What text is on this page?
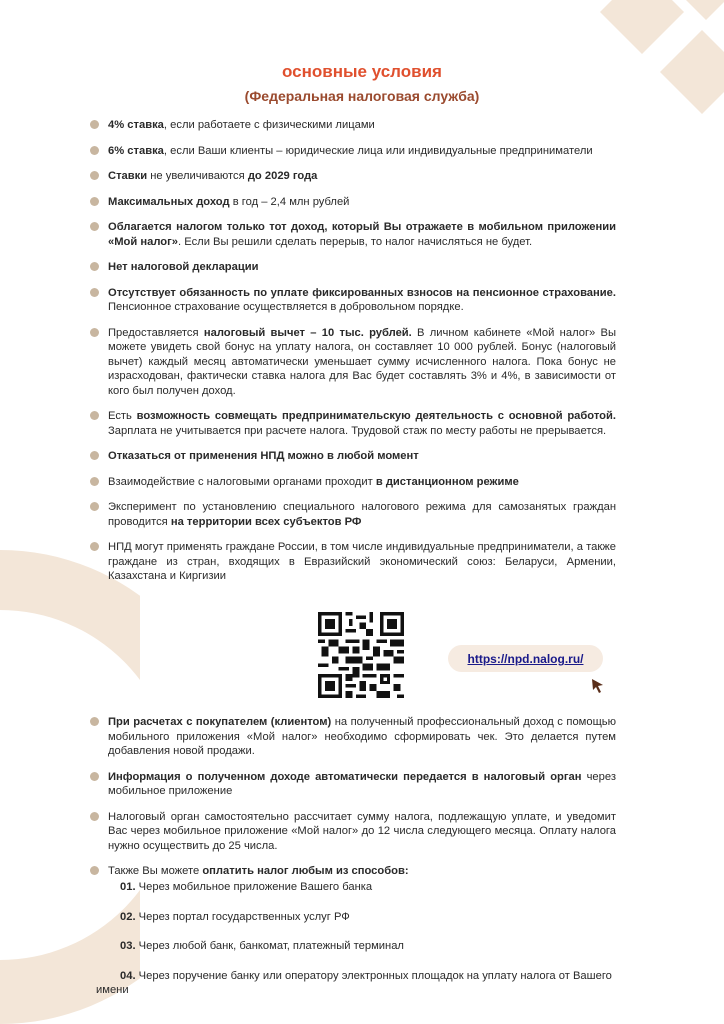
основные условия
(Федеральная налоговая служба)
4% ставка, если работаете с физическими лицами
6% ставка, если Ваши клиенты – юридические лица или индивидуальные предприниматели
Ставки не увеличиваются до 2029 года
Максимальных доход в год – 2,4 млн рублей
Облагается налогом только тот доход, который Вы отражаете в мобильном приложении «Мой налог». Если Вы решили сделать перерыв, то налог начисляться не будет.
Нет налоговой декларации
Отсутствует обязанность по уплате фиксированных взносов на пенсионное страхование. Пенсионное страхование осуществляется в добровольном порядке.
Предоставляется налоговый вычет – 10 тыс. рублей. В личном кабинете «Мой налог» Вы можете увидеть свой бонус на уплату налога, он составляет 10 000 рублей. Бонус (налоговый вычет) каждый месяц автоматически уменьшает сумму исчисленного налога. Пока бонус не израсходован, фактически ставка налога для Вас будет составлять 3% и 4%, в зависимости от кого был получен доход.
Есть возможность совмещать предпринимательскую деятельность с основной работой. Зарплата не учитывается при расчете налога. Трудовой стаж по месту работы не прерывается.
Отказаться от применения НПД можно в любой момент
Взаимодействие с налоговыми органами проходит в дистанционном режиме
Эксперимент по установлению специального налогового режима для самозанятых граждан проводится на территории всех субъектов РФ
НПД могут применять граждане России, в том числе индивидуальные предприниматели, а также граждане из стран, входящих в Евразийский экономический союз: Беларуси, Армении, Казахстана и Киргизии
https://npd.nalog.ru/
При расчетах с покупателем (клиентом) на полученный профессиональный доход с помощью мобильного приложения «Мой налог» необходимо сформировать чек. Это делается путем добавления новой продажи.
Информация о полученном доходе автоматически передается в налоговый орган через мобильное приложение
Налоговый орган самостоятельно рассчитает сумму налога, подлежащую уплате, и уведомит Вас через мобильное приложение «Мой налог» до 12 числа следующего месяца. Оплату налога нужно осуществить до 25 числа.
Также Вы можете оплатить налог любым из способов:
01. Через мобильное приложение Вашего банка
02. Через портал государственных услуг РФ
03. Через любой банк, банкомат, платежный терминал
04. Через поручение банку или оператору электронных площадок на уплату налога от Вашего имени
